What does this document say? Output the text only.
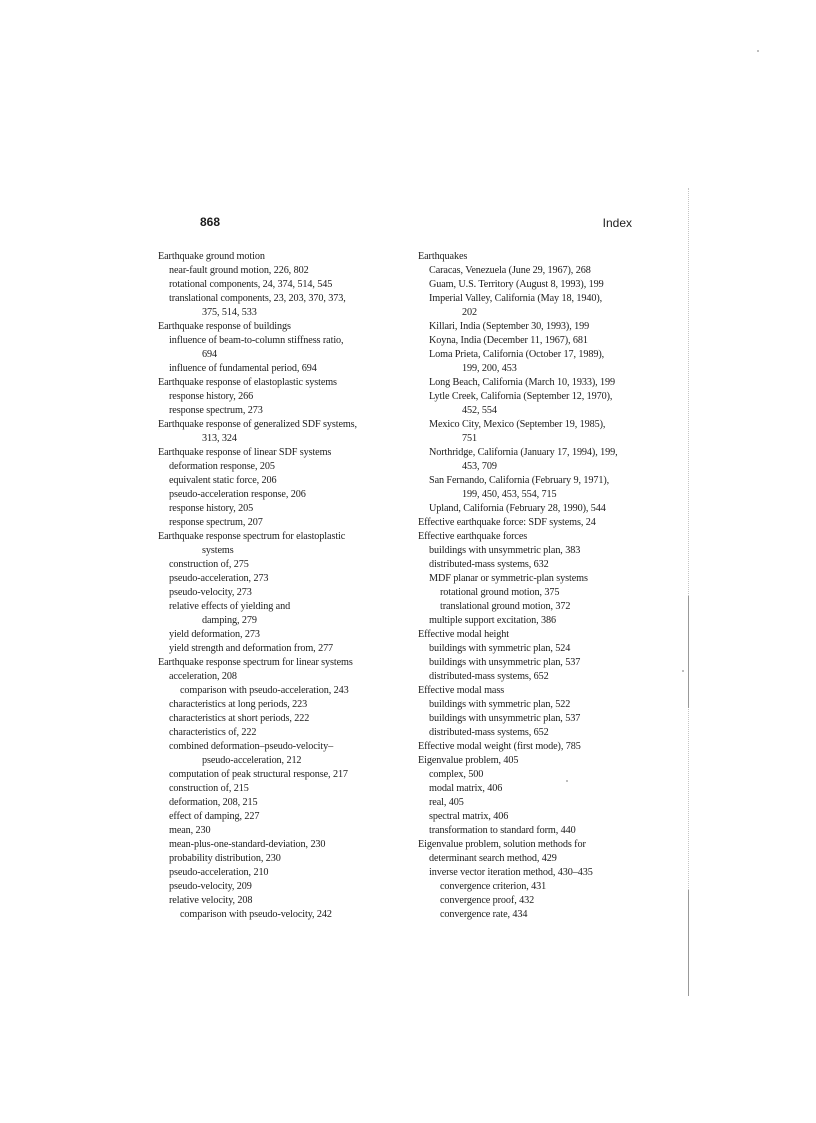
868	Index

Earthquake ground motion

near-fault ground motion, 226, 802

rotational components, 24, 374, 514, 545

translational components, 23, 203, 370, 373,

375, 514, 533

Earthquake response of buildings

influence of beam-to-column stiffness ratio,

694

influence of fundamental period, 694

Earthquake response of elastoplastic systems

response history, 266

response spectrum, 273

Earthquake response of generalized SDF systems,

313, 324

Earthquake response of linear SDF systems

deformation response, 205

equivalent static force, 206

pseudo-acceleration response, 206

response history, 205

response spectrum, 207

Earthquake response spectrum for elastoplastic

systems

construction of, 275

pseudo-acceleration, 273

pseudo-velocity, 273

relative effects of yielding and

damping, 279

yield deformation, 273

yield strength and deformation from, 277

Earthquake response spectrum for linear systems

acceleration, 208

comparison with pseudo-acceleration, 243

characteristics at long periods, 223

characteristics at short periods, 222

characteristics of, 222

combined deformation–pseudo-velocity–

pseudo-acceleration, 212

computation of peak structural response, 217

construction of, 215

deformation, 208, 215

effect of damping, 227

mean, 230

mean-plus-one-standard-deviation, 230

probability distribution, 230

pseudo-acceleration, 210

pseudo-velocity, 209

relative velocity, 208

comparison with pseudo-velocity, 242

Earthquakes

Caracas, Venezuela (June 29, 1967), 268

Guam, U.S. Territory (August 8, 1993), 199

Imperial Valley, California (May 18, 1940),

202

Killari, India (September 30, 1993), 199

Koyna, India (December 11, 1967), 681

Loma Prieta, California (October 17, 1989),

199, 200, 453

Long Beach, California (March 10, 1933), 199

Lytle Creek, California (September 12, 1970),

452, 554

Mexico City, Mexico (September 19, 1985),

751

Northridge, California (January 17, 1994), 199,

453, 709

San Fernando, California (February 9, 1971),

199, 450, 453, 554, 715

Upland, California (February 28, 1990), 544

Effective earthquake force: SDF systems, 24

Effective earthquake forces

buildings with unsymmetric plan, 383

distributed-mass systems, 632

MDF planar or symmetric-plan systems

rotational ground motion, 375

translational ground motion, 372

multiple support excitation, 386

Effective modal height

buildings with symmetric plan, 524

buildings with unsymmetric plan, 537

distributed-mass systems, 652

Effective modal mass

buildings with symmetric plan, 522

buildings with unsymmetric plan, 537

distributed-mass systems, 652

Effective modal weight (first mode), 785

Eigenvalue problem, 405

complex, 500

modal matrix, 406

real, 405

spectral matrix, 406

transformation to standard form, 440

Eigenvalue problem, solution methods for

determinant search method, 429

inverse vector iteration method, 430–435

convergence criterion, 431

convergence proof, 432

convergence rate, 434
